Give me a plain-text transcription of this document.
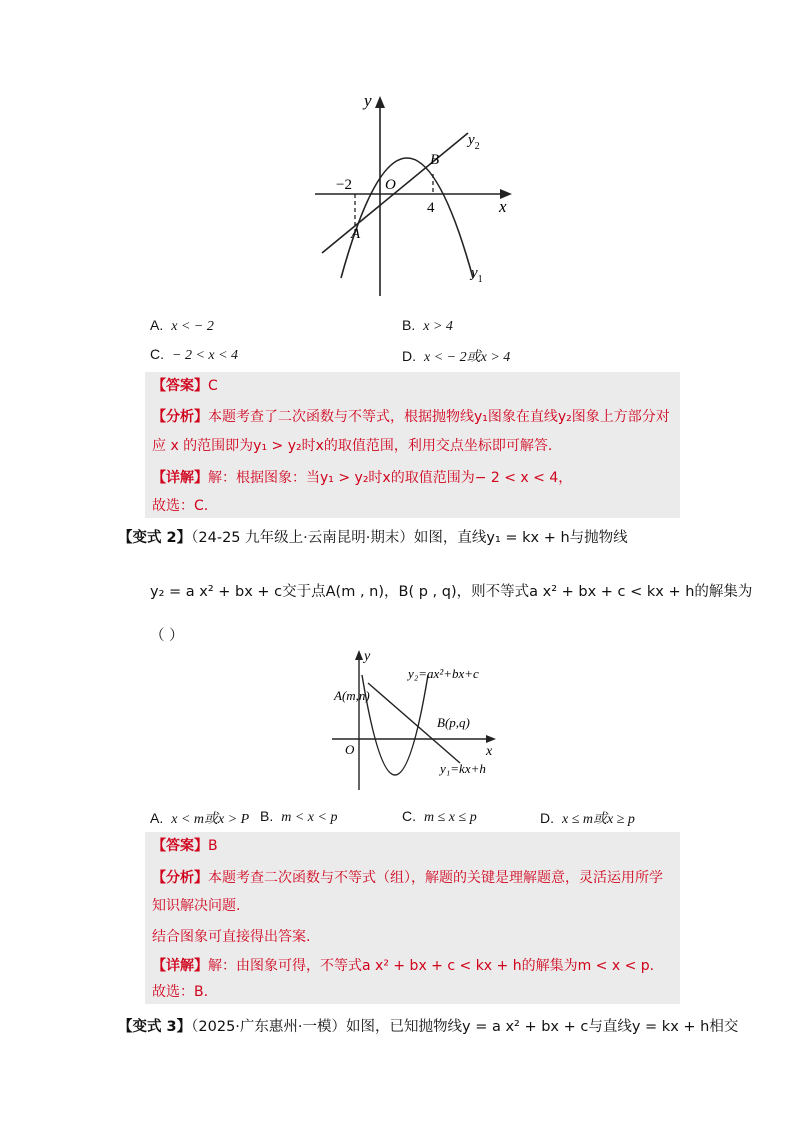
y
x
O
−2
4
A
B
$y_1$
$y_2$
A. x < − 2	B. x > 4
C. − 2 < x < 4	D. x < − 2或x > 4
【答案】C
【分析】本题考查了二次函数与不等式，根据抛物线y₁图象在直线y₂图象上方部分对
应 x 的范围即为y₁ > y₂时x的取值范围，利用交点坐标即可解答.
【详解】解：根据图象：当y₁ > y₂时x的取值范围为− 2 < x < 4，
故选：C.
【变式 2】（24-25 九年级上·云南昆明·期末）如图，直线y₁ = kx + h与抛物线
y₂ = a x² + bx + c交于点A(m , n)，B( p , q)，则不等式a x² + bx + c < kx + h的解集为
（ ）
y
x
O
y₂=ax²+bx+c
y₁=kx+h
A(m,n)
B(p,q)
A. x < m或x > P B. m < x < p	C. m ≤ x ≤ p	D. x ≤ m或x ≥ p
【答案】B
【分析】本题考查二次函数与不等式（组），解题的关键是理解题意，灵活运用所学
知识解决问题.
结合图象可直接得出答案.
【详解】解：由图象可得，不等式a x² + bx + c < kx + h的解集为m < x < p.
故选：B.
【变式 3】（2025·广东惠州·一模）如图，已知抛物线y = a x² + bx + c与直线y = kx + h相交
